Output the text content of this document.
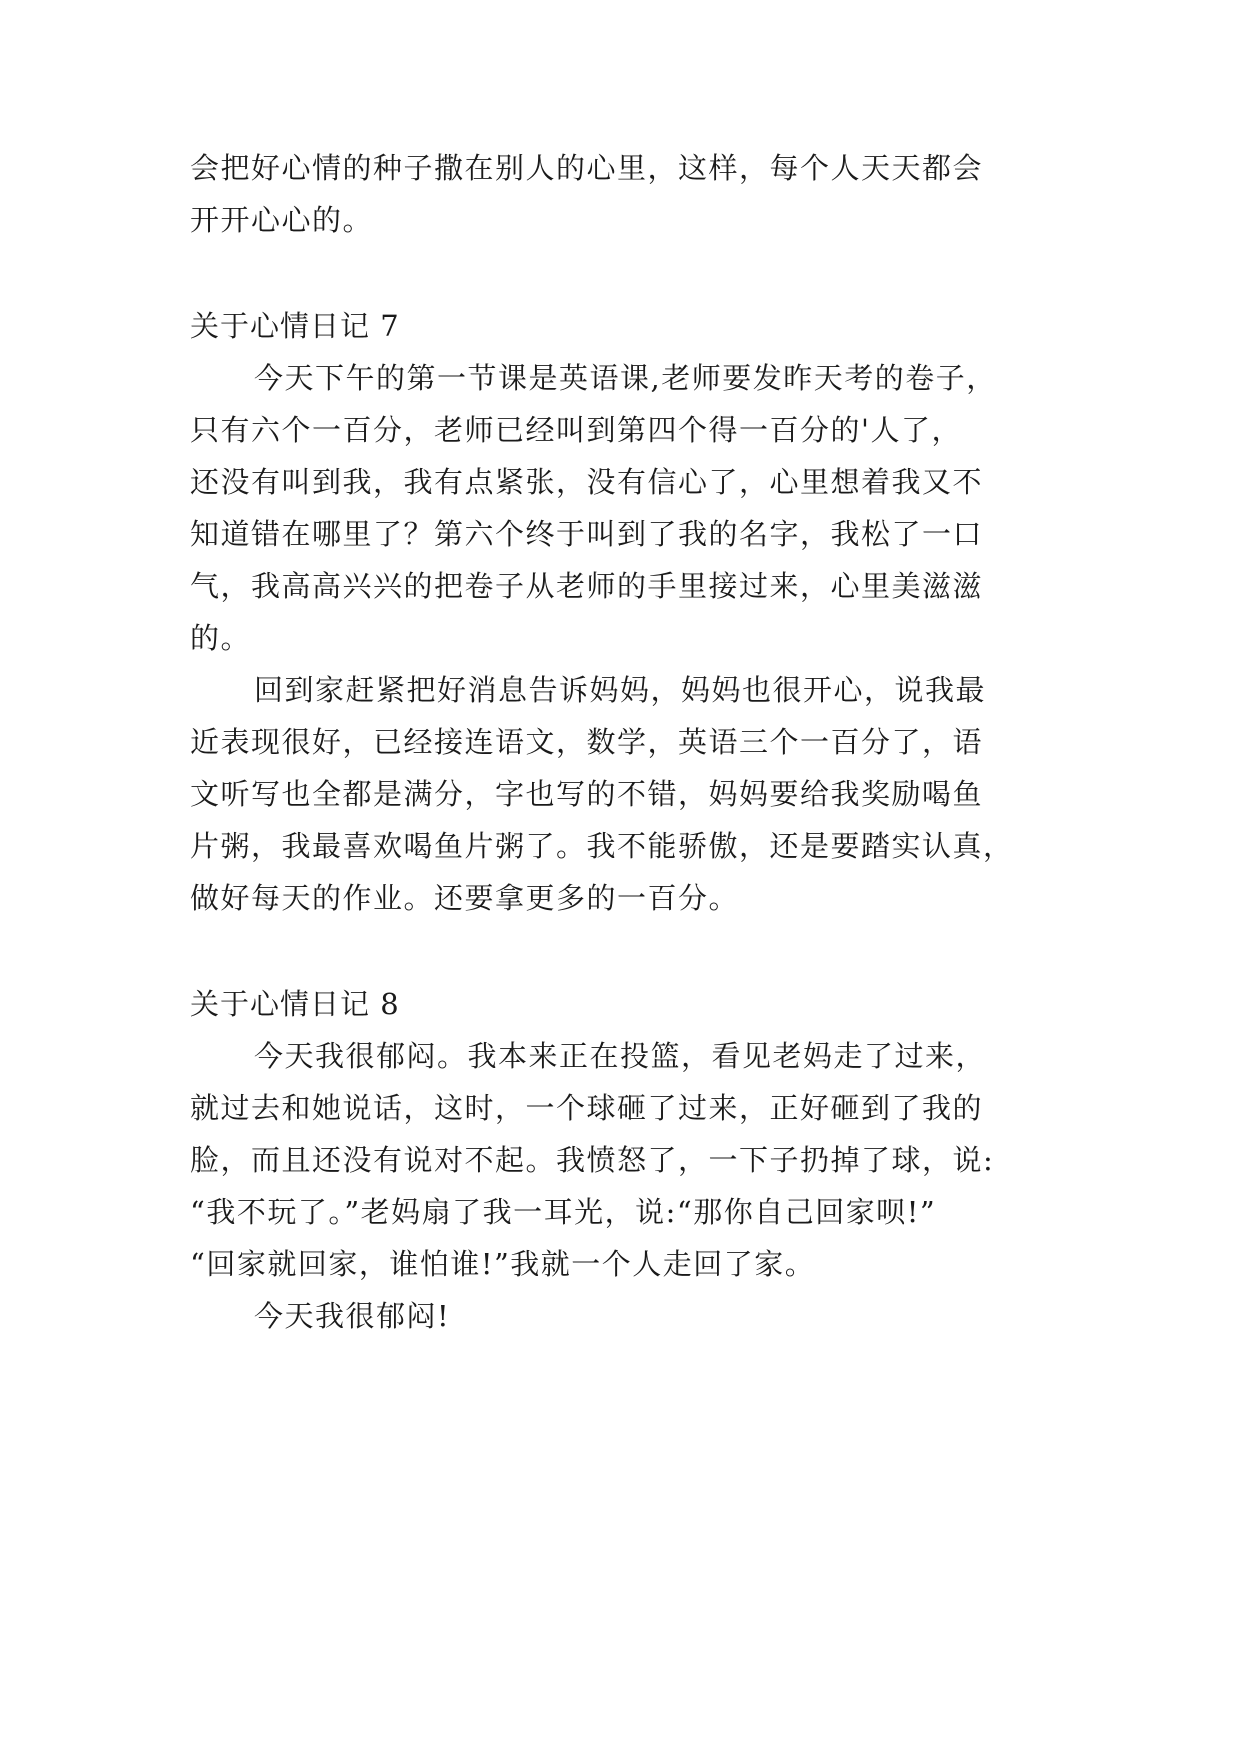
会把好心情的种子撒在别人的心里，这样，每个人天天都会
开开心心的。
关于心情日记 7
今天下午的第一节课是英语课,老师要发昨天考的卷子，
只有六个一百分，老师已经叫到第四个得一百分的'人了，
还没有叫到我，我有点紧张，没有信心了，心里想着我又不
知道错在哪里了？第六个终于叫到了我的名字，我松了一口
气，我高高兴兴的把卷子从老师的手里接过来，心里美滋滋
的。
回到家赶紧把好消息告诉妈妈，妈妈也很开心，说我最
近表现很好，已经接连语文，数学，英语三个一百分了，语
文听写也全都是满分，字也写的不错，妈妈要给我奖励喝鱼
片粥，我最喜欢喝鱼片粥了。我不能骄傲，还是要踏实认真，
做好每天的作业。还要拿更多的一百分。
关于心情日记 8
今天我很郁闷。我本来正在投篮，看见老妈走了过来，
就过去和她说话，这时，一个球砸了过来，正好砸到了我的
脸，而且还没有说对不起。我愤怒了，一下子扔掉了球，说:
“我不玩了。”老妈扇了我一耳光，说:“那你自己回家呗!”
“回家就回家，谁怕谁!”我就一个人走回了家。
今天我很郁闷!
